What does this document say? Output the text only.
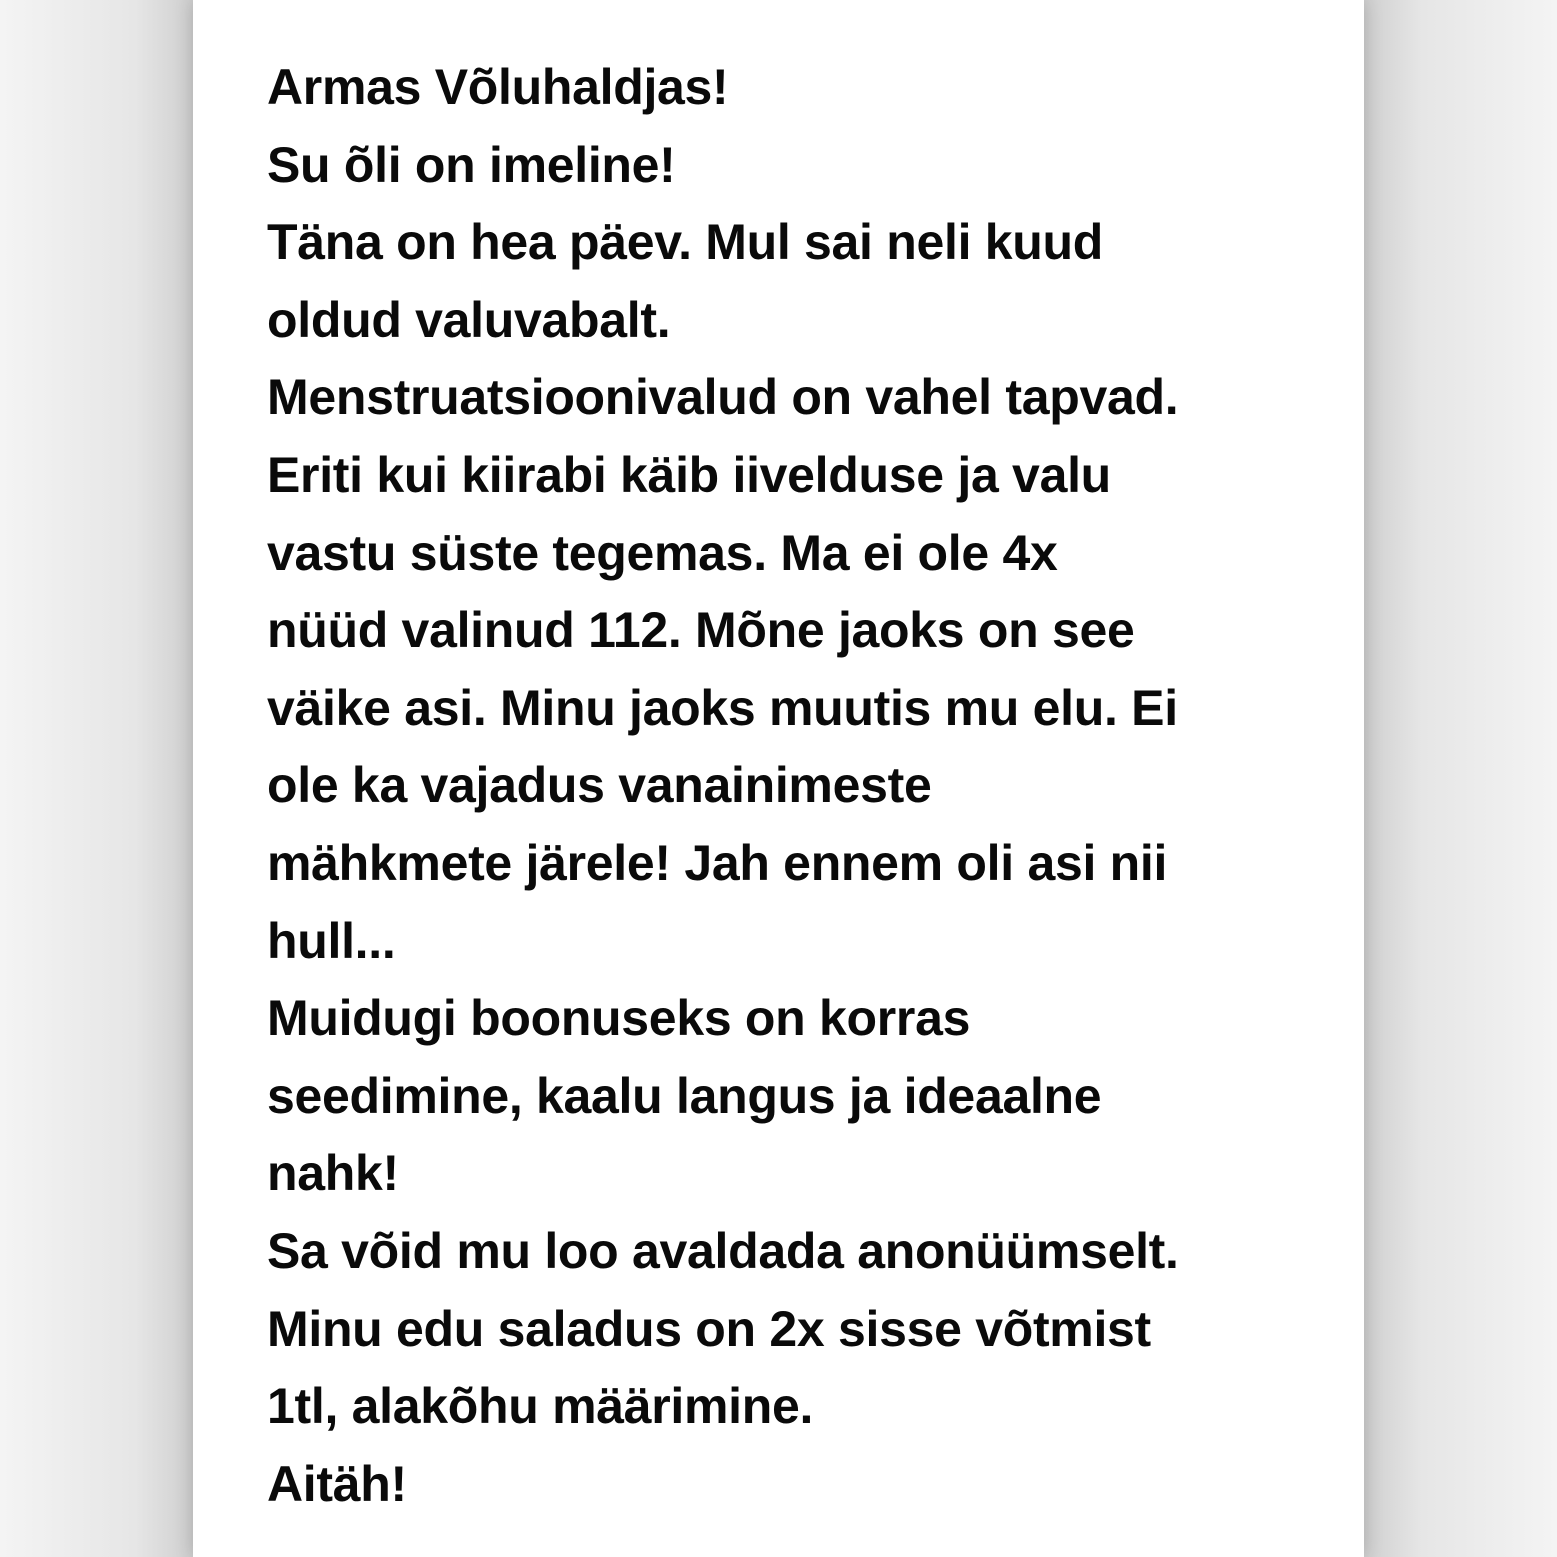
Armas Võluhaldjas!
Su õli on imeline!
Täna on hea päev. Mul sai neli kuud
oldud valuvabalt.
Menstruatsioonivalud on vahel tapvad.
Eriti kui kiirabi käib iivelduse ja valu
vastu süste tegemas. Ma ei ole 4x
nüüd valinud 112. Mõne jaoks on see
väike asi. Minu jaoks muutis mu elu. Ei
ole ka vajadus vanainimeste
mähkmete järele! Jah ennem oli asi nii
hull...
Muidugi boonuseks on korras
seedimine, kaalu langus ja ideaalne
nahk!
Sa võid mu loo avaldada anonüümselt.
Minu edu saladus on 2x sisse võtmist
1tl, alakõhu määrimine.
Aitäh!
